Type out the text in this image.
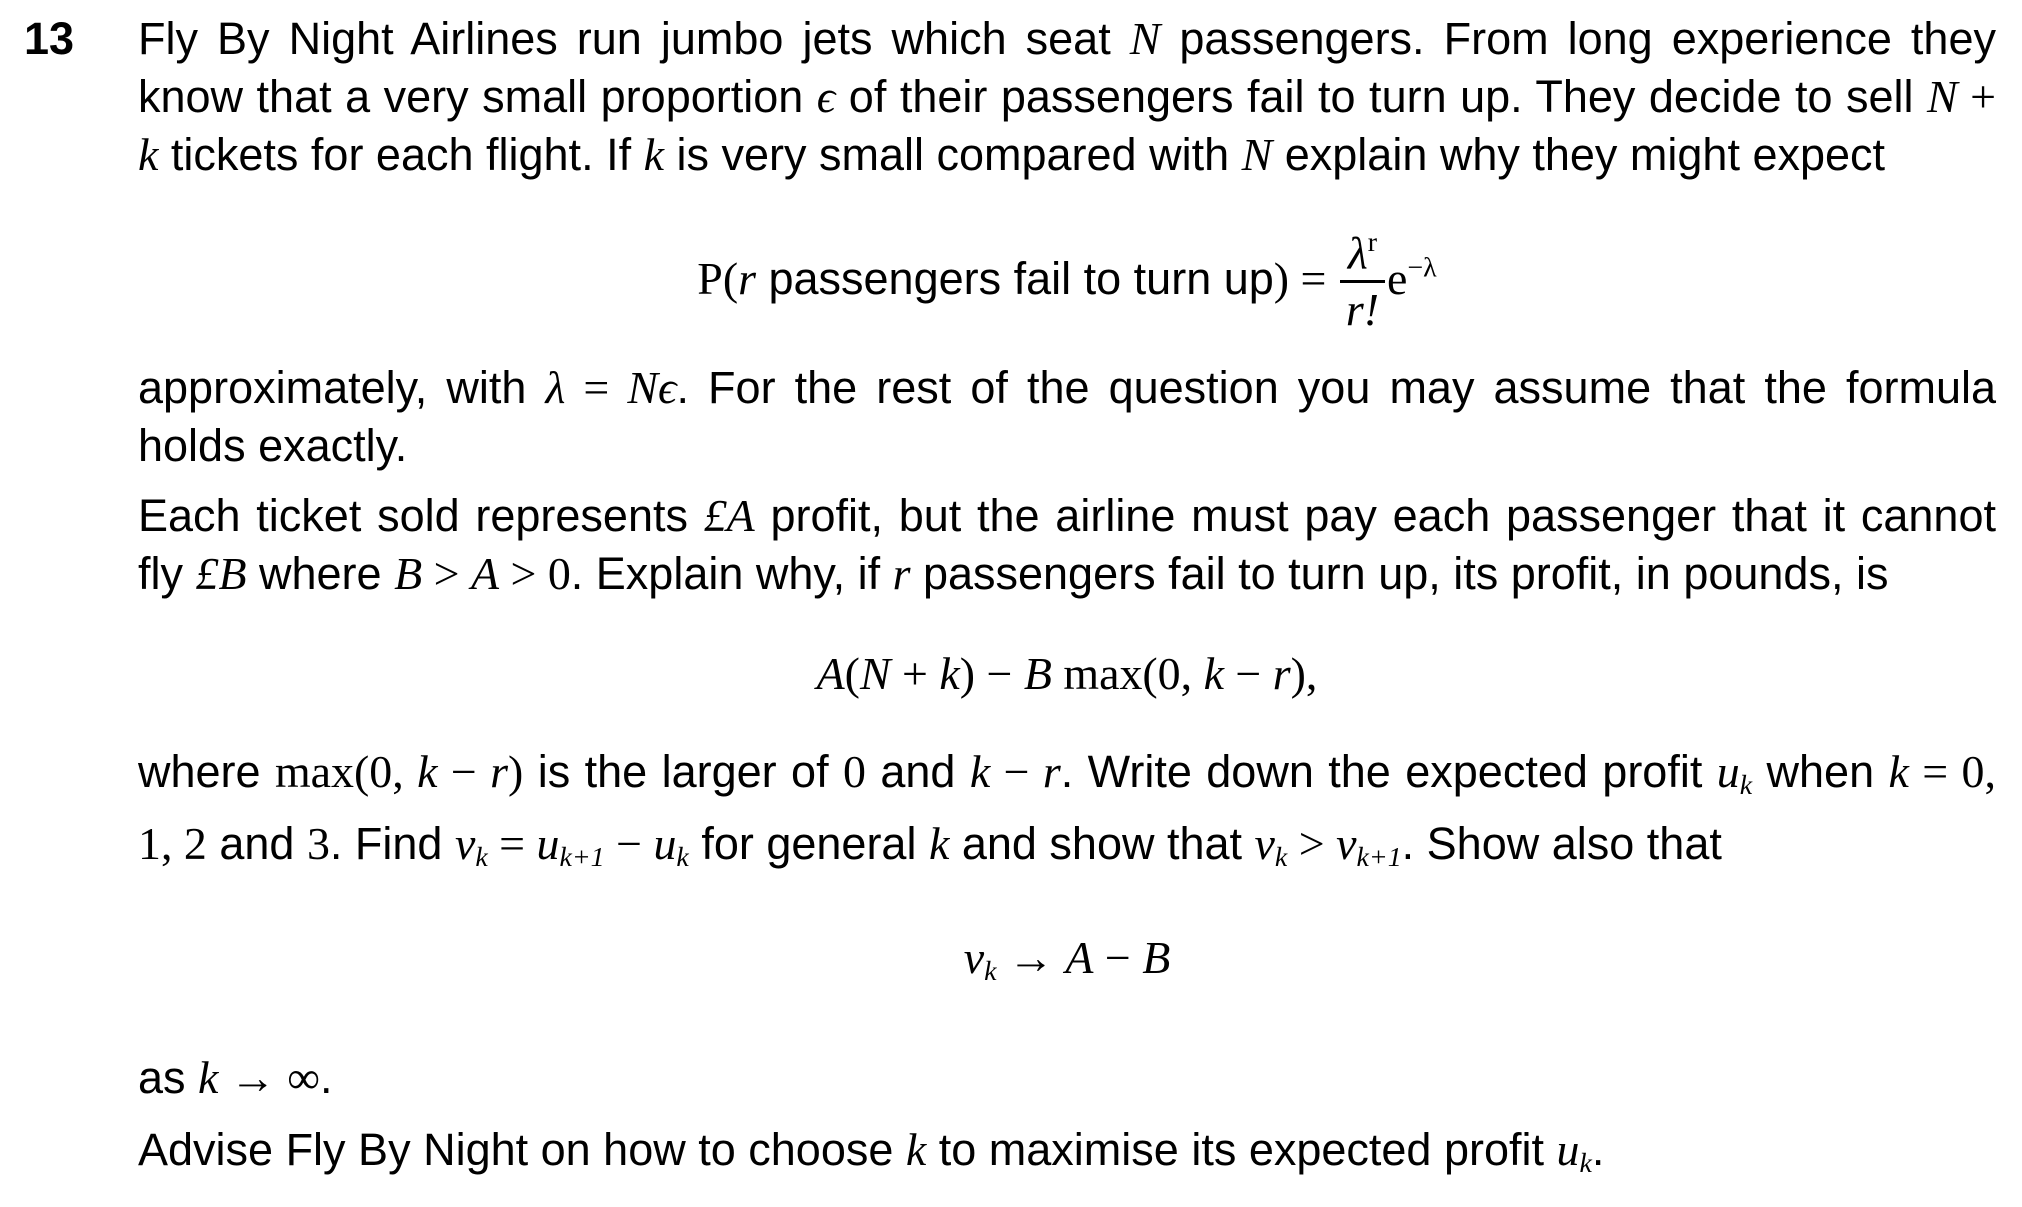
13	Fly By Night Airlines run jumbo jets which seat N passengers. From long experience they know that a very small proportion ϵ of their passengers fail to turn up. They decide to sell N + k tickets for each flight. If k is very small compared with N explain why they might expect

P(r passengers fail to turn $up) = \frac{\lambda^r}{r!} e^{-\lambda}$

approximately, with λ = Nϵ. For the rest of the question you may assume that the formula holds exactly.

Each ticket sold represents £A profit, but the airline must pay each passenger that it cannot fly £B where B > A > 0. Explain why, if r passengers fail to turn up, its profit, in pounds, is

A(N + k) − B max(0, k − r),

where max(0, k − r) is the larger of 0 and k − r. Write down the expected profit uk when k = 0, 1, 2 and 3. Find vk = uk+1 − uk for general k and show that vk > vk+1. Show also that

vk → A − B

as k → ∞.

Advise Fly By Night on how to choose k to maximise its expected profit uk.
